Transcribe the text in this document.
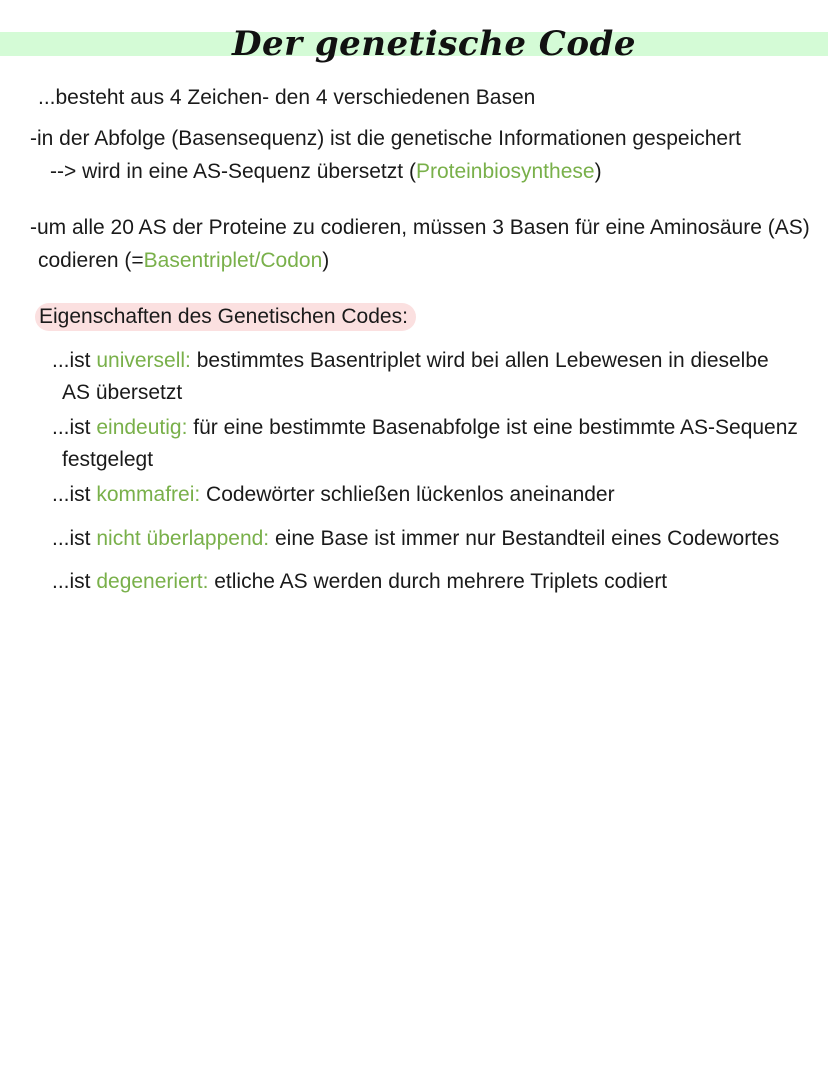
Der genetische Code
...besteht aus 4 Zeichen- den 4 verschiedenen Basen
-in der Abfolge (Basensequenz) ist die genetische Informationen gespeichert
--> wird in eine AS-Sequenz übersetzt (Proteinbiosynthese)
-um alle 20 AS der Proteine zu codieren, müssen 3 Basen für eine Aminosäure (AS)
codieren (=Basentriplet/Codon)
Eigenschaften des Genetischen Codes:
...ist universell: bestimmtes Basentriplet wird bei allen Lebewesen in dieselbe
AS übersetzt
...ist eindeutig: für eine bestimmte Basenabfolge ist eine bestimmte AS-Sequenz
festgelegt
...ist kommafrei: Codewörter schließen lückenlos aneinander
...ist nicht überlappend: eine Base ist immer nur Bestandteil eines Codewortes
...ist degeneriert: etliche AS werden durch mehrere Triplets codiert
